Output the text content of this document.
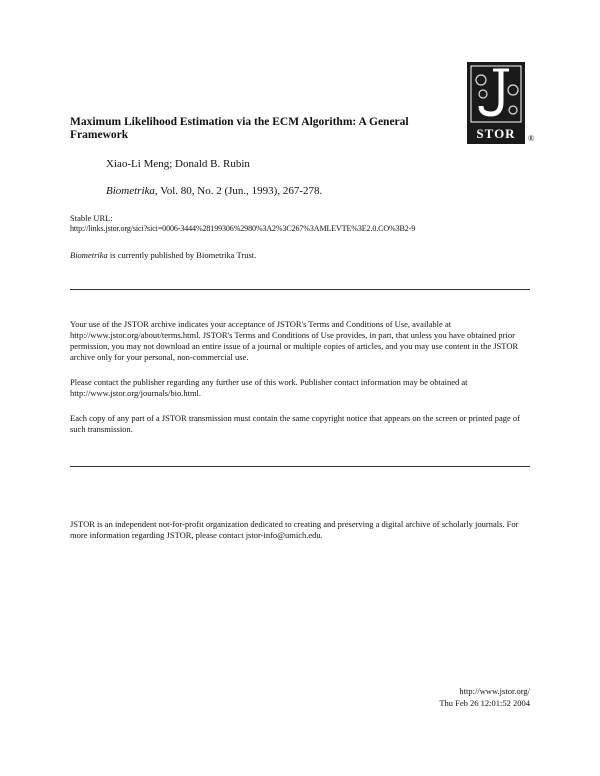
STOR	®
Maximum Likelihood Estimation via the ECM Algorithm: A General Framework
Xiao-Li Meng; Donald B. Rubin
Biometrika, Vol. 80, No. 2 (Jun., 1993), 267-278.
Stable URL:
http://links.jstor.org/sici?sici=0006-3444%28199306%2980%3A2%3C267%3AMLEVTE%3E2.0.CO%3B2-9
Biometrika is currently published by Biometrika Trust.
Your use of the JSTOR archive indicates your acceptance of JSTOR's Terms and Conditions of Use, available at http://www.jstor.org/about/terms.html. JSTOR's Terms and Conditions of Use provides, in part, that unless you have obtained prior permission, you may not download an entire issue of a journal or multiple copies of articles, and you may use content in the JSTOR archive only for your personal, non-commercial use.
Please contact the publisher regarding any further use of this work. Publisher contact information may be obtained at http://www.jstor.org/journals/bio.html.
Each copy of any part of a JSTOR transmission must contain the same copyright notice that appears on the screen or printed page of such transmission.
JSTOR is an independent not-for-profit organization dedicated to creating and preserving a digital archive of scholarly journals. For more information regarding JSTOR, please contact jstor-info@umich.edu.
http://www.jstor.org/
Thu Feb 26 12:01:52 2004
